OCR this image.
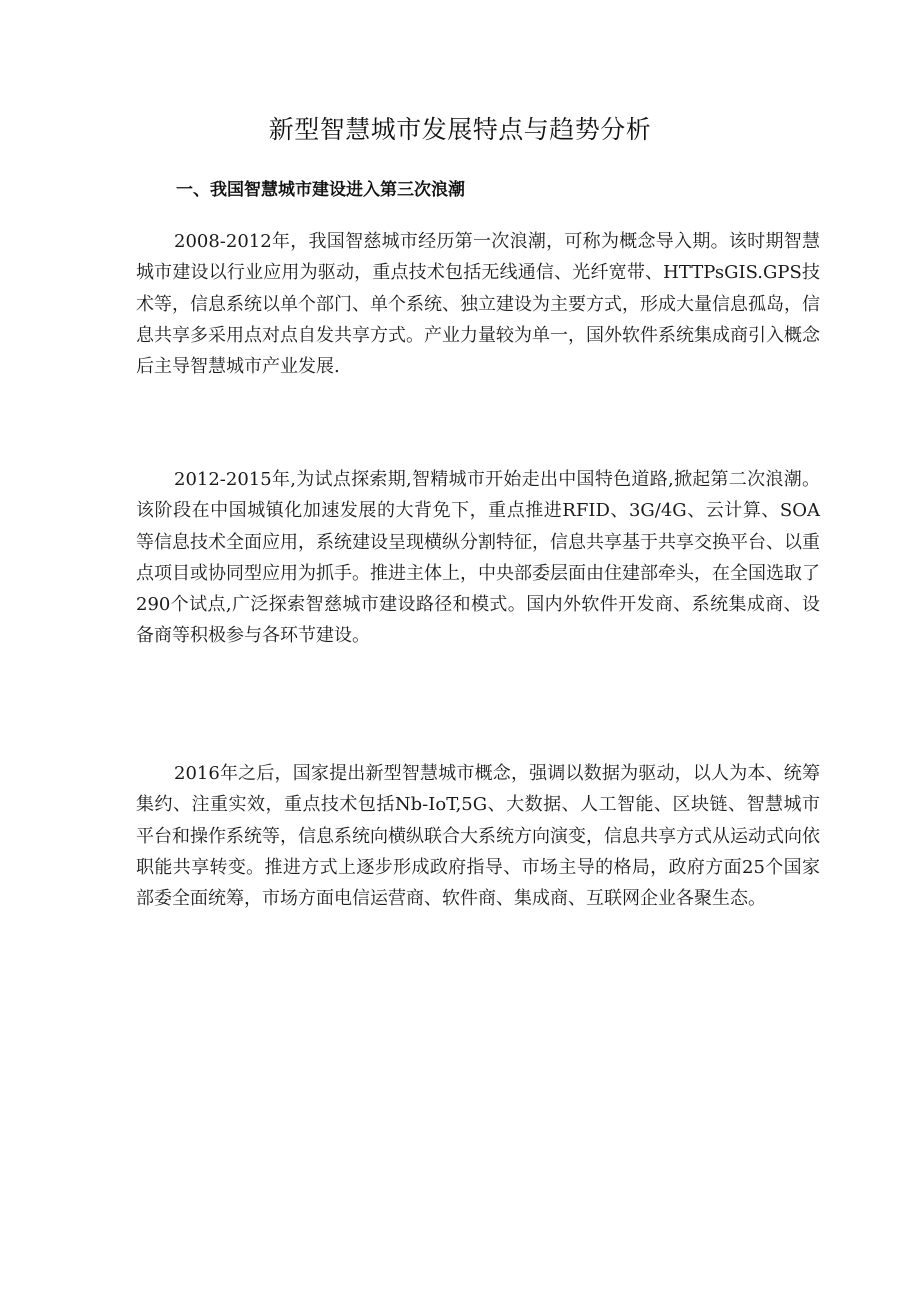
新型智慧城市发展特点与趋势分析
一、我国智慧城市建设进入第三次浪潮

2008-2012年，我国智慈城市经历第一次浪潮，可称为概念导入期。该时期智慧城市建设以行业应用为驱动，重点技术包括无线通信、光纤宽带、HTTPsGIS.GPS技术等，信息系统以单个部门、单个系统、独立建设为主要方式，形成大量信息孤岛，信息共享多采用点对点自发共享方式。产业力量较为单一，国外软件系统集成商引入概念后主导智慧城市产业发展.

2012-2015年,为试点探索期,智精城市开始走出中国特色道路,掀起第二次浪潮。该阶段在中国城镇化加速发展的大背免下，重点推进RFID、3G/4G、云计算、SOA等信息技术全面应用，系统建设呈现横纵分割特征，信息共享基于共享交换平台、以重点项目或协同型应用为抓手。推进主体上，中央部委层面由住建部牵头，在全国选取了290个试点,广泛探索智慈城市建设路径和模式。国内外软件开发商、系统集成商、设备商等积极参与各环节建设。

2016年之后，国家提出新型智慧城市概念，强调以数据为驱动，以人为本、统筹集约、注重实效，重点技术包括Nb-IoT,5G、大数据、人工智能、区块链、智慧城市平台和操作系统等，信息系统向横纵联合大系统方向演变，信息共享方式从运动式向依职能共享转变。推进方式上逐步形成政府指导、市场主导的格局，政府方面25个国家部委全面统筹，市场方面电信运营商、软件商、集成商、互联网企业各聚生态。
